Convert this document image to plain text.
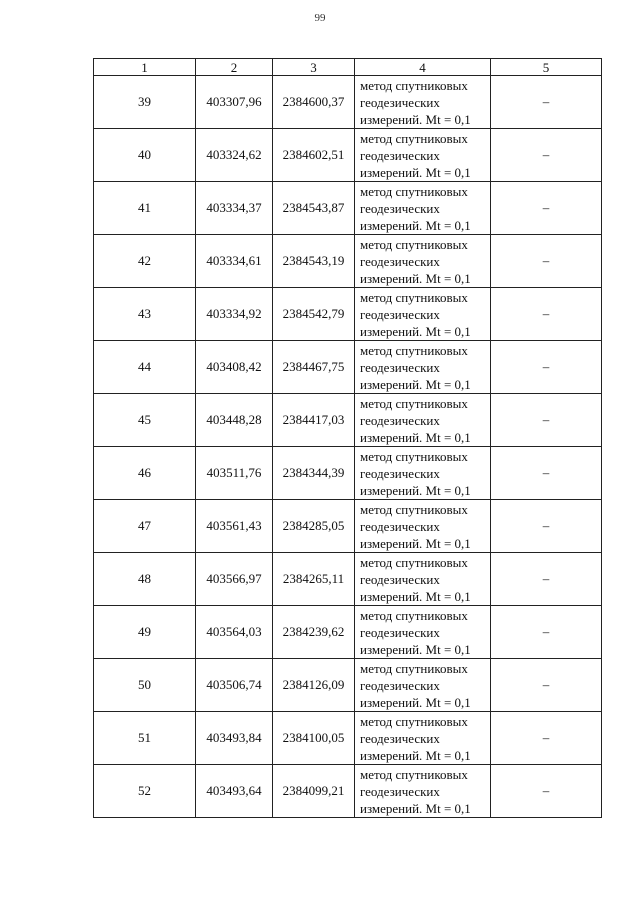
99
1	2	3	4	5
39	403307,96	2384600,37	метод спутниковых
геодезических
измерений. Mt = 0,1	–
40	403324,62	2384602,51	метод спутниковых
геодезических
измерений. Mt = 0,1	–
41	403334,37	2384543,87	метод спутниковых
геодезических
измерений. Mt = 0,1	–
42	403334,61	2384543,19	метод спутниковых
геодезических
измерений. Mt = 0,1	–
43	403334,92	2384542,79	метод спутниковых
геодезических
измерений. Mt = 0,1	–
44	403408,42	2384467,75	метод спутниковых
геодезических
измерений. Mt = 0,1	–
45	403448,28	2384417,03	метод спутниковых
геодезических
измерений. Mt = 0,1	–
46	403511,76	2384344,39	метод спутниковых
геодезических
измерений. Mt = 0,1	–
47	403561,43	2384285,05	метод спутниковых
геодезических
измерений. Mt = 0,1	–
48	403566,97	2384265,11	метод спутниковых
геодезических
измерений. Mt = 0,1	–
49	403564,03	2384239,62	метод спутниковых
геодезических
измерений. Mt = 0,1	–
50	403506,74	2384126,09	метод спутниковых
геодезических
измерений. Mt = 0,1	–
51	403493,84	2384100,05	метод спутниковых
геодезических
измерений. Mt = 0,1	–
52	403493,64	2384099,21	метод спутниковых
геодезических
измерений. Mt = 0,1	–
